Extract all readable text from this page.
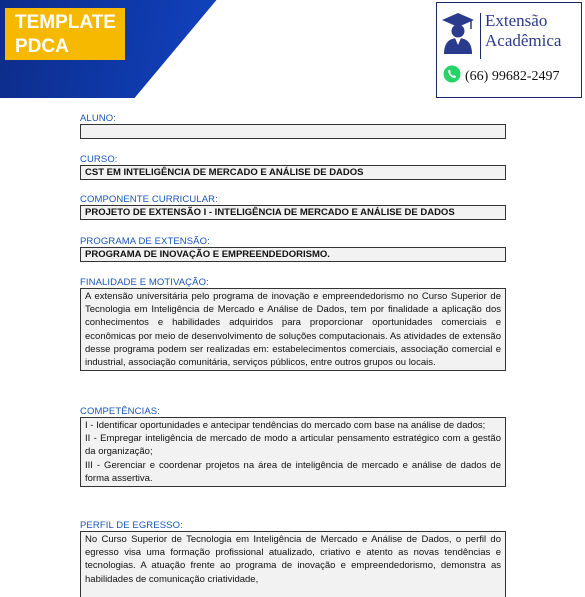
TEMPLATE
PDCA
Extensão
Acadêmica
(66) 99682-2497
ALUNO:
CURSO:
CST EM INTELIGÊNCIA DE MERCADO E ANÁLISE DE DADOS
COMPONENTE CURRICULAR:
PROJETO DE EXTENSÃO I - INTELIGÊNCIA DE MERCADO E ANÁLISE DE DADOS
PROGRAMA DE EXTENSÃO:
PROGRAMA DE INOVAÇÃO E EMPREENDEDORISMO.
FINALIDADE E MOTIVAÇÃO:
A extensão universitária pelo programa de inovação e empreendedorismo no Curso Superior de Tecnologia em Inteligência de Mercado e Análise de Dados, tem por finalidade a aplicação dos conhecimentos e habilidades adquiridos para proporcionar oportunidades comerciais e econômicas por meio de desenvolvimento de soluções computacionais. As atividades de extensão desse programa podem ser realizadas em: estabelecimentos comerciais, associação comercial e industrial, associação comunitária, serviços públicos, entre outros grupos ou locais.
COMPETÊNCIAS:
I - Identificar oportunidades e antecipar tendências do mercado com base na análise de dados;
II - Empregar inteligência de mercado de modo a articular pensamento estratégico com a gestão da organização;
III - Gerenciar e coordenar projetos na área de inteligência de mercado e análise de dados de forma assertiva.
PERFIL DE EGRESSO:
No Curso Superior de Tecnologia em Inteligência de Mercado e Análise de Dados, o perfil do egresso visa uma formação profissional atualizado, criativo e atento as novas tendências e tecnologias. A atuação frente ao programa de inovação e empreendedorismo, demonstra as habilidades de comunicação criatividade,
